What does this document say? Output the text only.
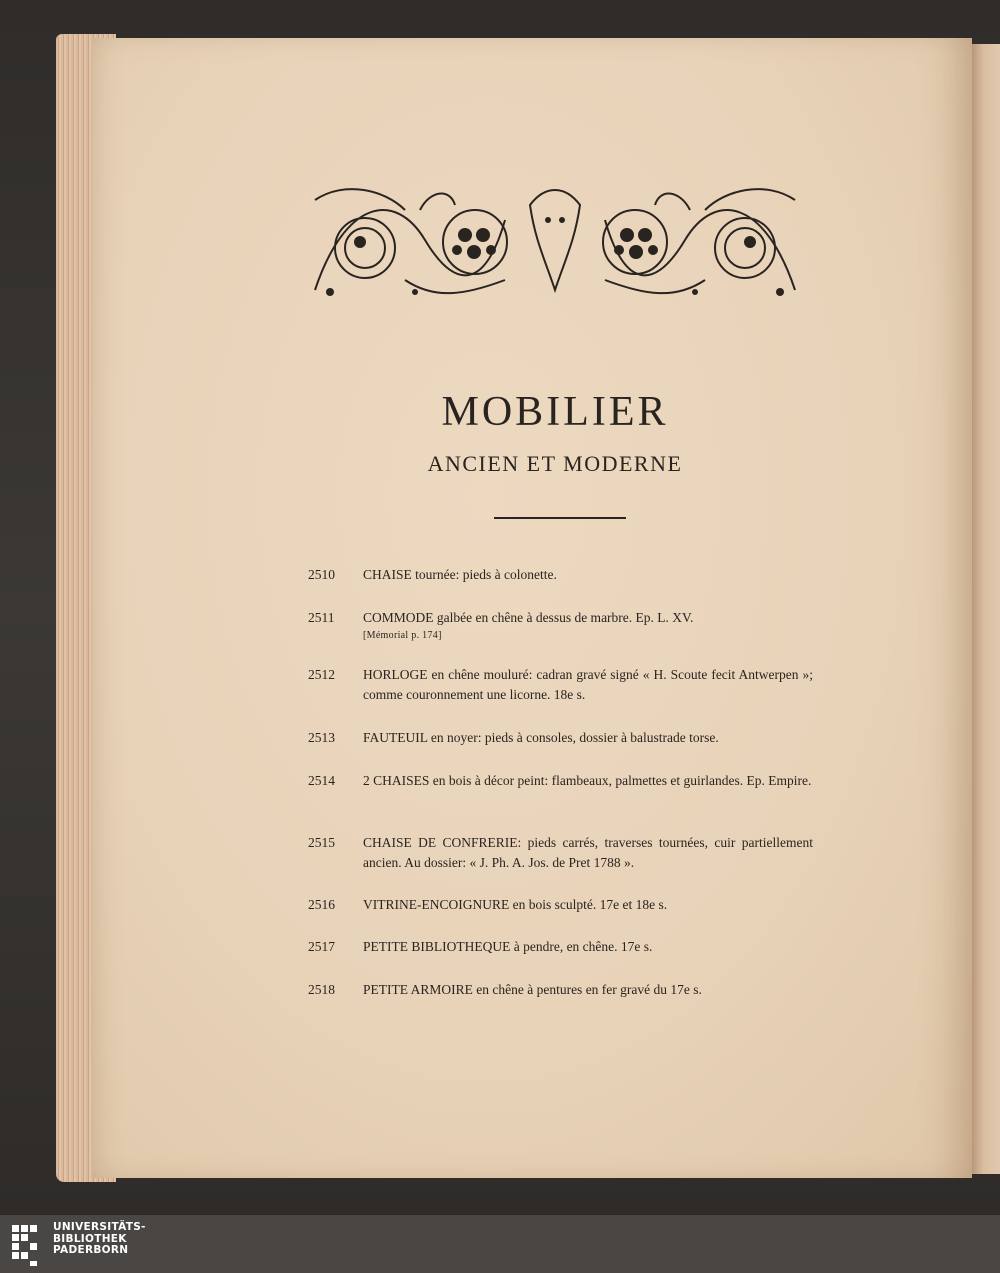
MOBILIER
ANCIEN ET MODERNE
2510 CHAISE tournée: pieds à colonette.
2511 COMMODE galbée en chêne à dessus de marbre. Ep. L. XV.
[Mémorial p. 174]
2512 HORLOGE en chêne mouluré: cadran gravé signé « H. Scoute fecit Antwerpen »; comme couronnement une licorne. 18e s.
2513 FAUTEUIL en noyer: pieds à consoles, dossier à balustrade torse.
2514 2 CHAISES en bois à décor peint: flambeaux, palmettes et guirlandes. Ep. Empire.
2515 CHAISE DE CONFRERIE: pieds carrés, traverses tournées, cuir partiellement ancien. Au dossier: « J. Ph. A. Jos. de Pret 1788 ».
2516 VITRINE-ENCOIGNURE en bois sculpté. 17e et 18e s.
2517 PETITE BIBLIOTHEQUE à pendre, en chêne. 17e s.
2518 PETITE ARMOIRE en chêne à pentures en fer gravé du 17e s.
UNIVERSITÄTS-
BIBLIOTHEK
PADERBORN
